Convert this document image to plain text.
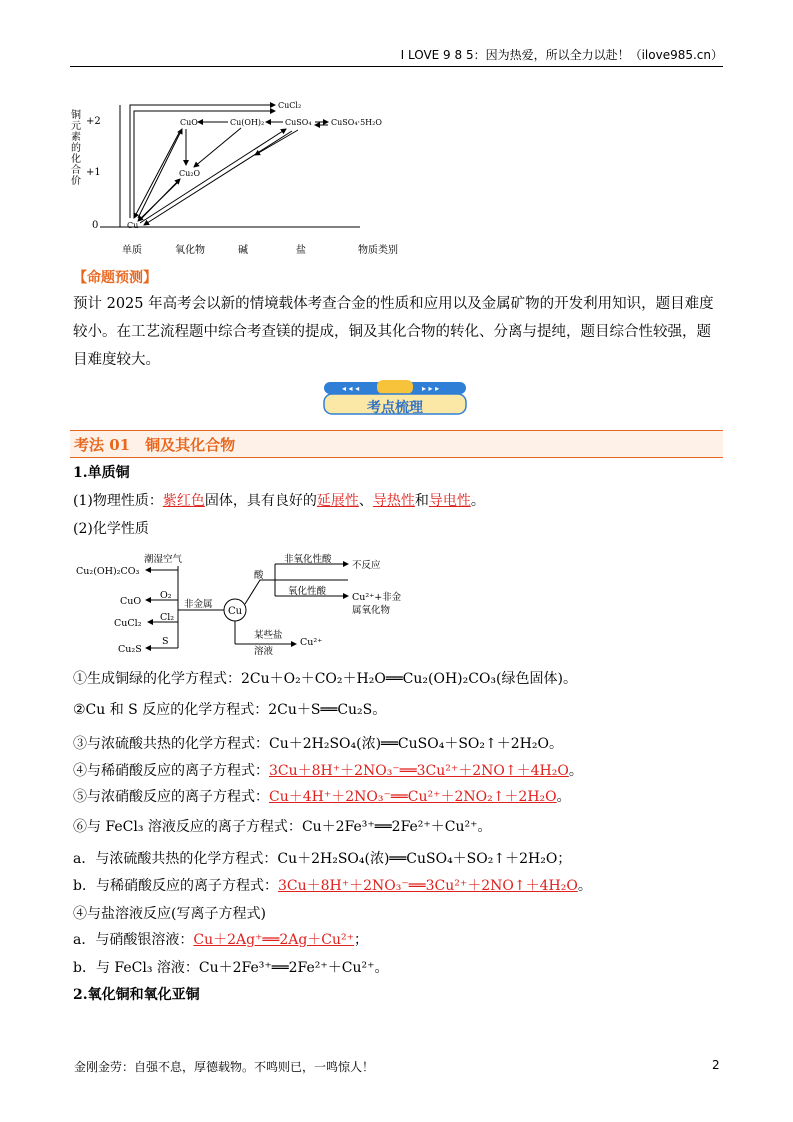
I LOVE 9 8 5：因为热爱，所以全力以赴！（ilove985.cn）
铜元素的化合价 +2
+1
0
单质	氧化物	碱	盐	物质类别
CuCl₂
CuO	Cu(OH)₂	CuSO₄ CuSO₄·5H₂O
Cu₂O
Cu
【命题预测】
预计 2025 年高考会以新的情境载体考查合金的性质和应用以及金属矿物的开发利用知识，题目难度较小。在工艺流程题中综合考查镁的提成，铜及其化合物的转化、分离与提纯，题目综合性较强，题目难度较大。
◂ ◂ ◂	▸ ▸ ▸
考点梳理
考法 01　铜及其化合物
1.单质铜
(1)物理性质：紫红色固体，具有良好的延展性、导热性和导电性。
(2)化学性质
Cu₂(OH)₂CO₃
潮湿空气
O₂
CuO
Cl₂
CuCl₂
S
Cu₂S
非金属
酸
非氧化性酸
不反应
氧化性酸
Cu²⁺+非金
属氧化物
某些盐
溶液
Cu²⁺
Cu
①生成铜绿的化学方程式：2Cu＋O₂＋CO₂＋H₂O══Cu₂(OH)₂CO₃(绿色固体)。
②Cu 和 S 反应的化学方程式：2Cu＋S══Cu₂S。
③与浓硫酸共热的化学方程式：Cu＋2H₂SO₄(浓)══CuSO₄＋SO₂↑＋2H₂O。
④与稀硝酸反应的离子方程式：3Cu＋8H⁺＋2NO₃⁻══3Cu²⁺＋2NO↑＋4H₂O。
⑤与浓硝酸反应的离子方程式：Cu＋4H⁺＋2NO₃⁻══Cu²⁺＋2NO₂↑＋2H₂O。
⑥与 FeCl₃ 溶液反应的离子方程式：Cu＋2Fe³⁺══2Fe²⁺＋Cu²⁺。
a．与浓硫酸共热的化学方程式：Cu＋2H₂SO₄(浓)══CuSO₄＋SO₂↑＋2H₂O；
b．与稀硝酸反应的离子方程式：3Cu＋8H⁺＋2NO₃⁻══3Cu²⁺＋2NO↑＋4H₂O。
④与盐溶液反应(写离子方程式)
a．与硝酸银溶液：Cu＋2Ag⁺══2Ag＋Cu²⁺；
b．与 FeCl₃ 溶液：Cu＋2Fe³⁺══2Fe²⁺＋Cu²⁺。
2.氧化铜和氧化亚铜
金刚金劳：自强不息，厚德载物。不鸣则已，一鸣惊人！	2
